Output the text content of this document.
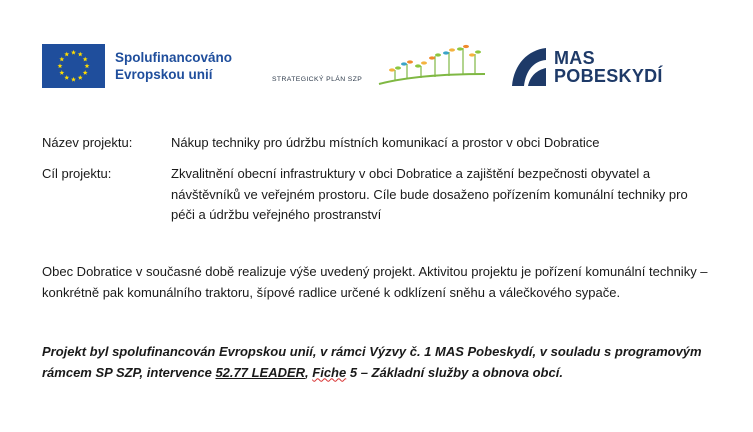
Spolufinancováno
Evropskou unií	STRATEGICKÝ PLÁN SZP
MAS
POBESKYDÍ
Název projektu:	Nákup techniky pro údržbu místních komunikací a prostor v obci Dobratice
Cíl projektu:	Zkvalitnění obecní infrastruktury v obci Dobratice a zajištění bezpečnosti obyvatel a návštěvníků ve veřejném prostoru. Cíle bude dosaženo pořízením komunální techniky pro péči a údržbu veřejného prostranství
Obec Dobratice v současné době realizuje výše uvedený projekt. Aktivitou projektu je pořízení komunální techniky – konkrétně pak komunálního traktoru, šípové radlice určené k odklízení sněhu a válečkového sypače.
Projekt byl spolufinancován Evropskou unií, v rámci Výzvy č. 1 MAS Pobeskydí, v souladu s programovým rámcem SP SZP, intervence 52.77 LEADER, Fiche 5 – Základní služby a obnova obcí.
